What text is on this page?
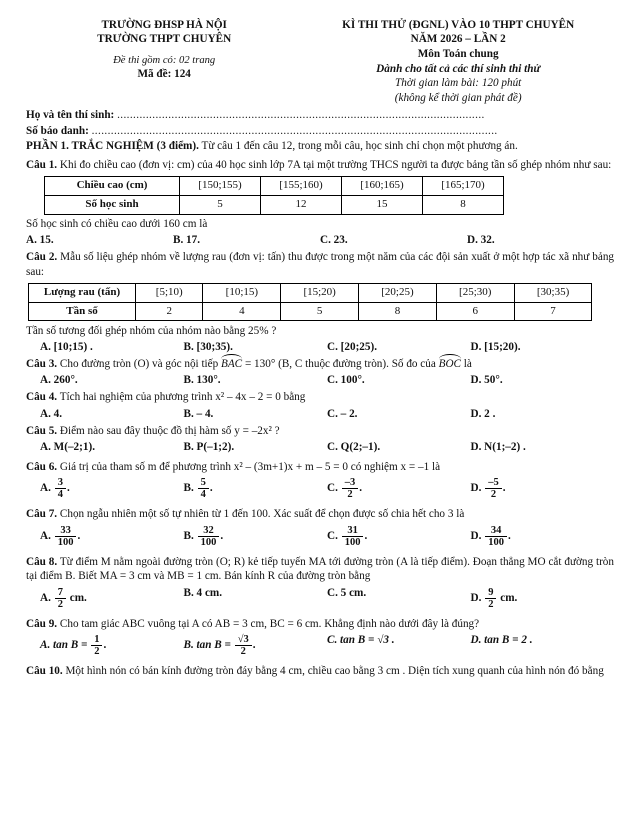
TRƯỜNG ĐHSP HÀ NỘI
TRƯỜNG THPT CHUYÊN
Đề thi gồm có: 02 trang
Mã đề: 124
KÌ THI THỬ (ĐGNL) VÀO 10 THPT CHUYÊN
NĂM 2026 – LẦN 2
Môn Toán chung
Dành cho tất cả các thí sinh thi thử
Thời gian làm bài: 120 phút
(không kể thời gian phát đề)
Họ và tên thí sinh: ...................................................................................................................
Số báo danh: ...............................................................................................................................

PHẦN 1. TRẮC NGHIỆM (3 điểm). Từ câu 1 đến câu 12, trong mỗi câu, học sinh chỉ chọn một phương án.

Câu 1. Khi đo chiều cao (đơn vị: cm) của 40 học sinh lớp 7A tại một trường THCS người ta được bảng tần số ghép nhóm như sau:

Chiều cao (cm)	[150;155)	[155;160)	[160;165)	[165;170)
Số học sinh	5	12	15	8

Số học sinh có chiều cao dưới 160 cm là

A. 15.	B. 17.	C. 23.	D. 32.

Câu 2. Mẫu số liệu ghép nhóm về lượng rau (đơn vị: tấn) thu được trong một năm của các đội sản xuất ở một hợp tác xã như bảng sau:

Lượng rau (tấn)	[5;10)	[10;15)	[15;20)	[20;25)	[25;30)	[30;35)
Tần số	2	4	5	8	6	7

Tần số tương đối ghép nhóm của nhóm nào bằng 25% ?

A. [10;15) .	B. [30;35).	C. [20;25).	D. [15;20).

Câu 3. Cho đường tròn (O) và góc nội tiếp
BAC = 130° (B, C thuộc đường tròn). Số đo của
BOC là

A. 260°.	B. 130°.	C. 100°.	D. 50°.

Câu 4. Tích hai nghiệm của phương trình x² – 4x – 2 = 0 bằng

A. 4.	B. – 4.	C. – 2.	D. 2 .

Câu 5. Điểm nào sau đây thuộc đồ thị hàm số y = –2x² ?

A. M(–2;1).	B. P(–1;2).	C. Q(2;–1).	D. N(1;–2) .

Câu 6. Giá trị của tham số m để phương trình x² – (3m+1)x + m – 5 = 0 có nghiệm x = –1 là

A. $\frac{3}{4}$ .	B. $\frac{5}{4}$ .	C. $\frac{-3}{2}$ .	D. $\frac{-5}{2}$ .

Câu 7. Chọn ngẫu nhiên một số tự nhiên từ 1 đến 100. Xác suất để chọn được số chia hết cho 3 là

A. $\frac{33}{100}$ .	B. $\frac{32}{100}$ .	C. $\frac{31}{100}$ .	D. $\frac{34}{100}$ .

Câu 8. Từ điểm M nằm ngoài đường tròn (O; R) kẻ tiếp tuyến MA tới đường tròn (A là tiếp điểm). Đoạn thẳng MO cắt đường tròn tại điểm B. Biết MA = 3 cm và MB = 1 cm. Bán kính R của đường tròn bằng

A. $\frac{7}{2}$ cm.	B. 4 cm.	C. 5 cm.	D. $\frac{9}{2}$ cm.

Câu 9. Cho tam giác ABC vuông tại A có AB = 3 cm, BC = 6 cm. Khẳng định nào dưới đây là đúng?

A. $\tan B = \frac{1}{2}$ .	B. $\tan B = \frac{√3}{2}$ .	C. tan B = √3 .	D. tan B = 2 .

Câu 10. Một hình nón có bán kính đường tròn đáy bằng 4 cm, chiều cao bằng 3 cm . Diện tích xung quanh của hình nón đó bằng
